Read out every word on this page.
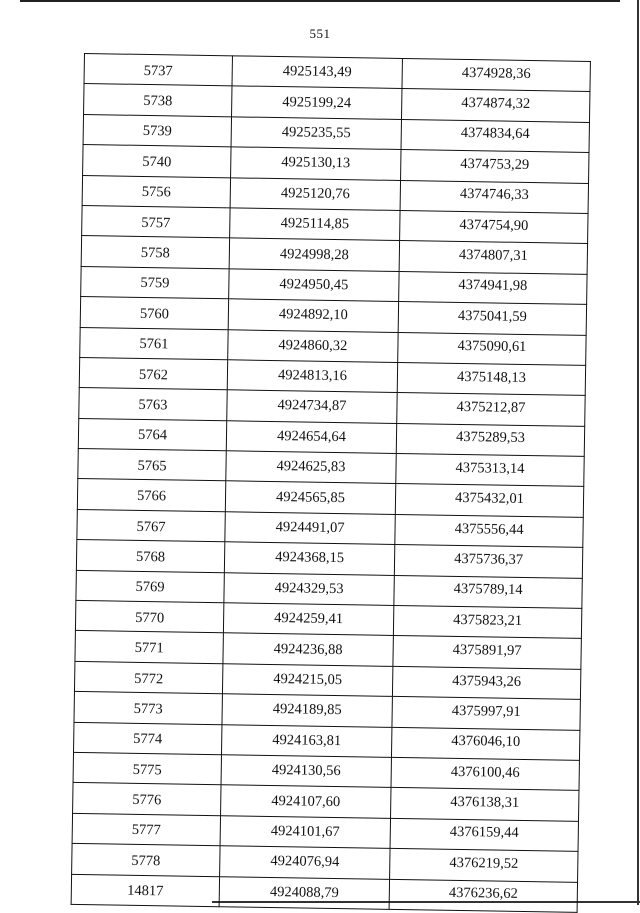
551
5737	4925143,49	4374928,36
5738	4925199,24	4374874,32
5739	4925235,55	4374834,64
5740	4925130,13	4374753,29
5756	4925120,76	4374746,33
5757	4925114,85	4374754,90
5758	4924998,28	4374807,31
5759	4924950,45	4374941,98
5760	4924892,10	4375041,59
5761	4924860,32	4375090,61
5762	4924813,16	4375148,13
5763	4924734,87	4375212,87
5764	4924654,64	4375289,53
5765	4924625,83	4375313,14
5766	4924565,85	4375432,01
5767	4924491,07	4375556,44
5768	4924368,15	4375736,37
5769	4924329,53	4375789,14
5770	4924259,41	4375823,21
5771	4924236,88	4375891,97
5772	4924215,05	4375943,26
5773	4924189,85	4375997,91
5774	4924163,81	4376046,10
5775	4924130,56	4376100,46
5776	4924107,60	4376138,31
5777	4924101,67	4376159,44
5778	4924076,94	4376219,52
14817	4924088,79	4376236,62
